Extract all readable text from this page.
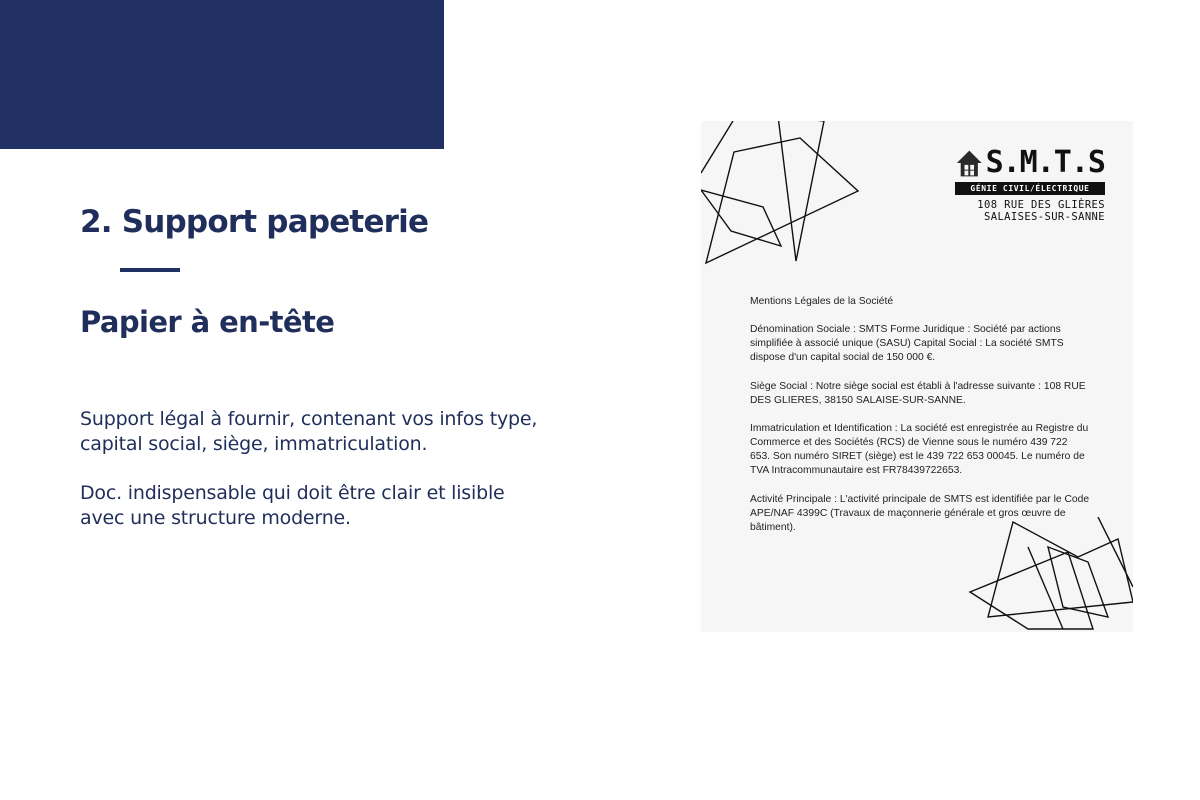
2. Support papeterie
Papier à en-tête

Support légal à fournir, contenant vos infos type, capital social, siège, immatriculation.

Doc. indispensable qui doit être clair et lisible avec une structure moderne.

S.M.T.S
GÉNIE CIVIL/ÉLECTRIQUE
108 RUE DES GLIÈRES
SALAISES-SUR-SANNE

Mentions Légales de la Société

Dénomination Sociale : SMTS Forme Juridique : Société par actions simplifiée à associé unique (SASU) Capital Social : La société SMTS dispose d'un capital social de 150 000 €.

Siège Social : Notre siège social est établi à l'adresse suivante : 108 RUE DES GLIERES, 38150 SALAISE-SUR-SANNE.

Immatriculation et Identification : La société est enregistrée au Registre du Commerce et des Sociétés (RCS) de Vienne sous le numéro 439 722 653. Son numéro SIRET (siège) est le 439 722 653 00045. Le numéro de TVA Intracommunautaire est FR78439722653.

Activité Principale : L'activité principale de SMTS est identifiée par le Code APE/NAF 4399C (Travaux de maçonnerie générale et gros œuvre de bâtiment).
